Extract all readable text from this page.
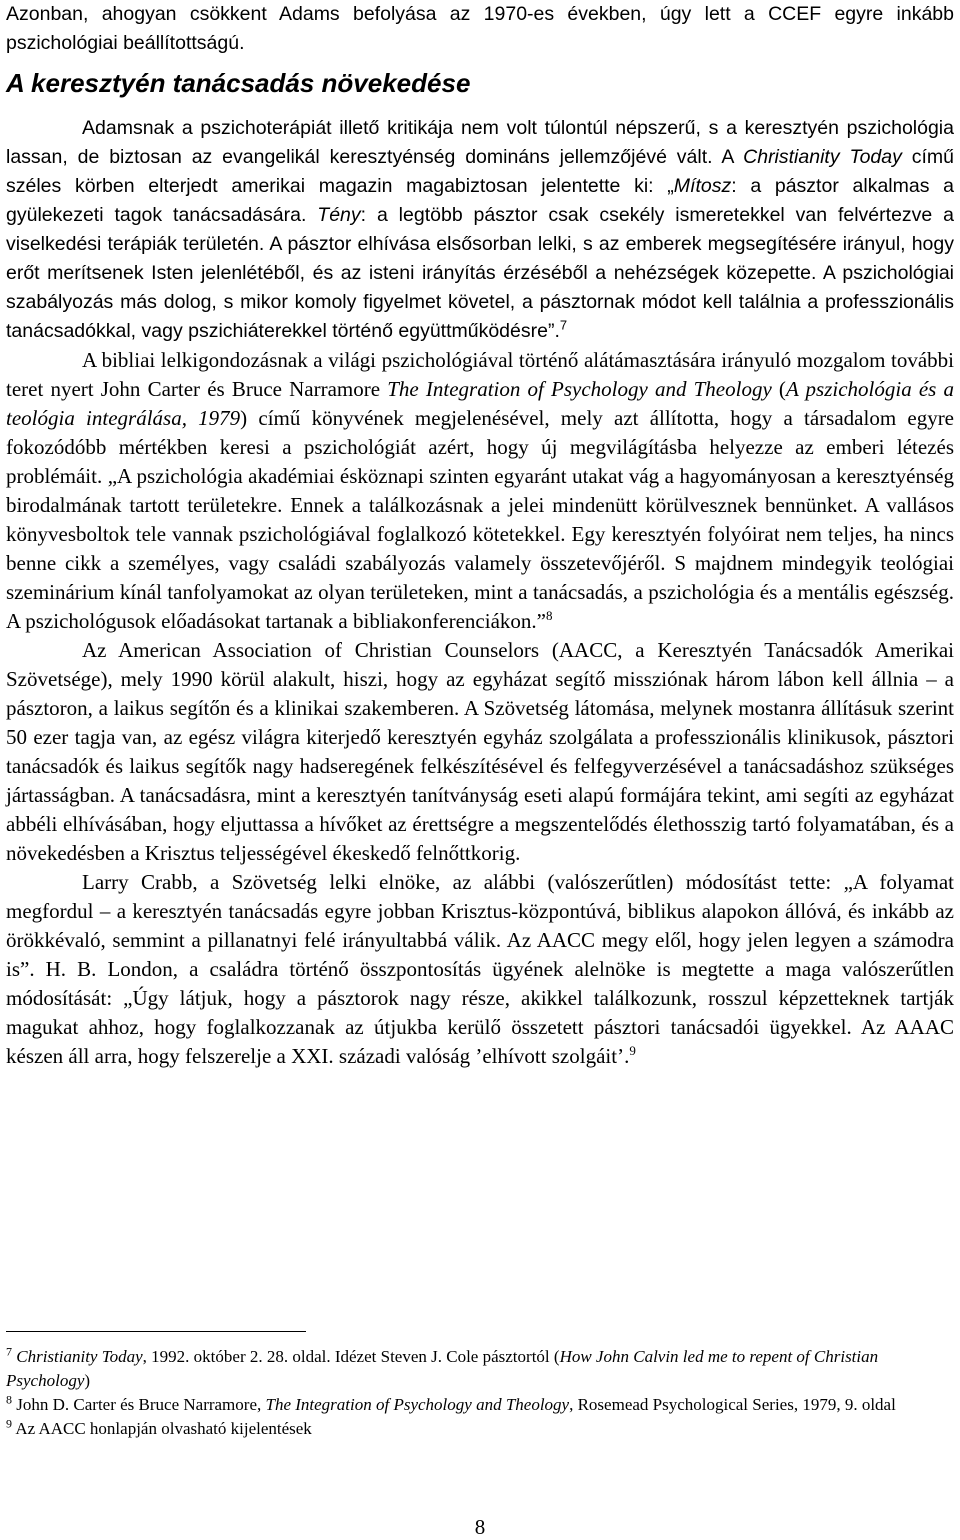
Azonban, ahogyan csökkent Adams befolyása az 1970-es években, úgy lett a CCEF egyre inkább pszichológiai beállítottságú.

A keresztyén tanácsadás növekedése

Adamsnak a pszichoterápiát illető kritikája nem volt túlontúl népszerű, s a keresztyén pszichológia lassan, de biztosan az evangelikál keresztyénség domináns jellemzőjévé vált. A Christianity Today című széles körben elterjedt amerikai magazin magabiztosan jelentette ki: „Mítosz: a pásztor alkalmas a gyülekezeti tagok tanácsadására. Tény: a legtöbb pásztor csak csekély ismeretekkel van felvértezve a viselkedési terápiák területén. A pásztor elhívása elsősorban lelki, s az emberek megsegítésére irányul, hogy erőt merítsenek Isten jelenlétéből, és az isteni irányítás érzéséből a nehézségek közepette. A pszichológiai szabályozás más dolog, s mikor komoly figyelmet követel, a pásztornak módot kell találnia a professzionális tanácsadókkal, vagy pszichiáterekkel történő együttműködésre”.$^7$

A bibliai lelkigondozásnak a világi pszichológiával történő alátámasztására irányuló mozgalom további teret nyert John Carter és Bruce Narramore The Integration of Psychology and Theology (A pszichológia és a teológia integrálása, 1979) című könyvének megjelenésével, mely azt állította, hogy a társadalom egyre fokozódóbb mértékben keresi a pszichológiát azért, hogy új megvilágításba helyezze az emberi létezés problémáit. „A pszichológia akadémiai ésköznapi szinten egyaránt utakat vág a hagyományosan a keresztyénség birodalmának tartott területekre. Ennek a találkozásnak a jelei mindenütt körülvesznek bennünket. A vallásos könyvesboltok tele vannak pszichológiával foglalkozó kötetekkel. Egy keresztyén folyóirat nem teljes, ha nincs benne cikk a személyes, vagy családi szabályozás valamely összetevőjéről. S majdnem mindegyik teológiai szeminárium kínál tanfolyamokat az olyan területeken, mint a tanácsadás, a pszichológia és a mentális egészség. A pszichológusok előadásokat tartanak a bibliakonferenciákon.”$^8$

Az American Association of Christian Counselors (AACC, a Keresztyén Tanácsadók Amerikai Szövetsége), mely 1990 körül alakult, hiszi, hogy az egyházat segítő missziónak három lábon kell állnia – a pásztoron, a laikus segítőn és a klinikai szakemberen. A Szövetség látomása, melynek mostanra állításuk szerint 50 ezer tagja van, az egész világra kiterjedő keresztyén egyház szolgálata a professzionális klinikusok, pásztori tanácsadók és laikus segítők nagy hadseregének felkészítésével és felfegyverzésével a tanácsadáshoz szükséges jártasságban. A tanácsadásra, mint a keresztyén tanítványság eseti alapú formájára tekint, ami segíti az egyházat abbéli elhívásában, hogy eljuttassa a hívőket az érettségre a megszentelődés élethosszig tartó folyamatában, és a növekedésben a Krisztus teljességével ékeskedő felnőttkorig.

Larry Crabb, a Szövetség lelki elnöke, az alábbi (valószerűtlen) módosítást tette: „A folyamat megfordul – a keresztyén tanácsadás egyre jobban Krisztus-központúvá, biblikus alapokon állóvá, és inkább az örökkévaló, semmint a pillanatnyi felé irányultabbá válik. Az AACC megy elől, hogy jelen legyen a számodra is”. H. B. London, a családra történő összpontosítás ügyének alelnöke is megtette a maga valószerűtlen módosítását: „Úgy látjuk, hogy a pásztorok nagy része, akikkel találkozunk, rosszul képzetteknek tartják magukat ahhoz, hogy foglalkozzanak az útjukba kerülő összetett pásztori tanácsadói ügyekkel. Az AAAC készen áll arra, hogy felszerelje a XXI. századi valóság ’elhívott szolgáit’.$^9$

$^7$ Christianity Today, 1992. október 2. 28. oldal. Idézet Steven J. Cole pásztortól (How John Calvin led me to repent of Christian Psychology)

$^8$ John D. Carter és Bruce Narramore, The Integration of Psychology and Theology, Rosemead Psychological Series, 1979, 9. oldal

$^9$ Az AACC honlapján olvasható kijelentések

8
